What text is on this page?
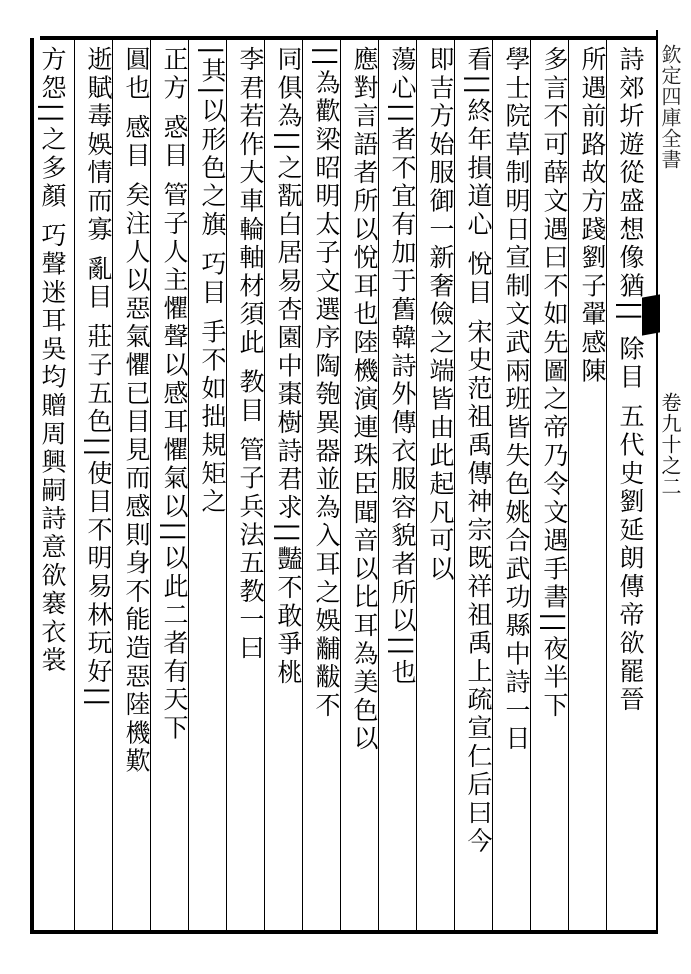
欽定四庫全書
卷九十之二
詩郊圻遊從盛想像猶|| 除目 五代史劉延朗傳帝欲罷晉
所遇前路故方踐劉子翬感陳
多言不可薛文遇曰不如先圖之帝乃令文遇手書||夜半下
學士院草制明日宣制文武兩班皆失色姚合武功縣中詩一日
看||終年損道心 悅目 宋史范祖禹傳神宗既祥祖禹上疏宣仁后曰今
即吉方始服御一新奢儉之端皆由此起凡可以
蕩心||者不宜有加于舊韓詩外傳衣服容貌者所以||也
應對言語者所以悅耳也陸機演連珠臣聞音以比耳為美色以
||為歡梁昭明太子文選序陶匏異器並為入耳之娛黼黻不
同俱為||之翫白居易杏園中棗樹詩君求||豔不敢爭桃
李君若作大車輪軸材須此 教目 管子兵法五教一曰
|其|以形色之旗 巧目 手不如拙規矩之
正方 惑目 管子人主懼聲以感耳懼氣以||以此二者有天下
圓也 感目 矣注人以惡氣懼已目見而感則身不能造惡陸機歎
逝賦毒娛情而寡 亂目 莊子五色||使目不明易林玩好||
方怨||之多顏 巧聲迷耳吳均贈周興嗣詩意欲褰衣裳
